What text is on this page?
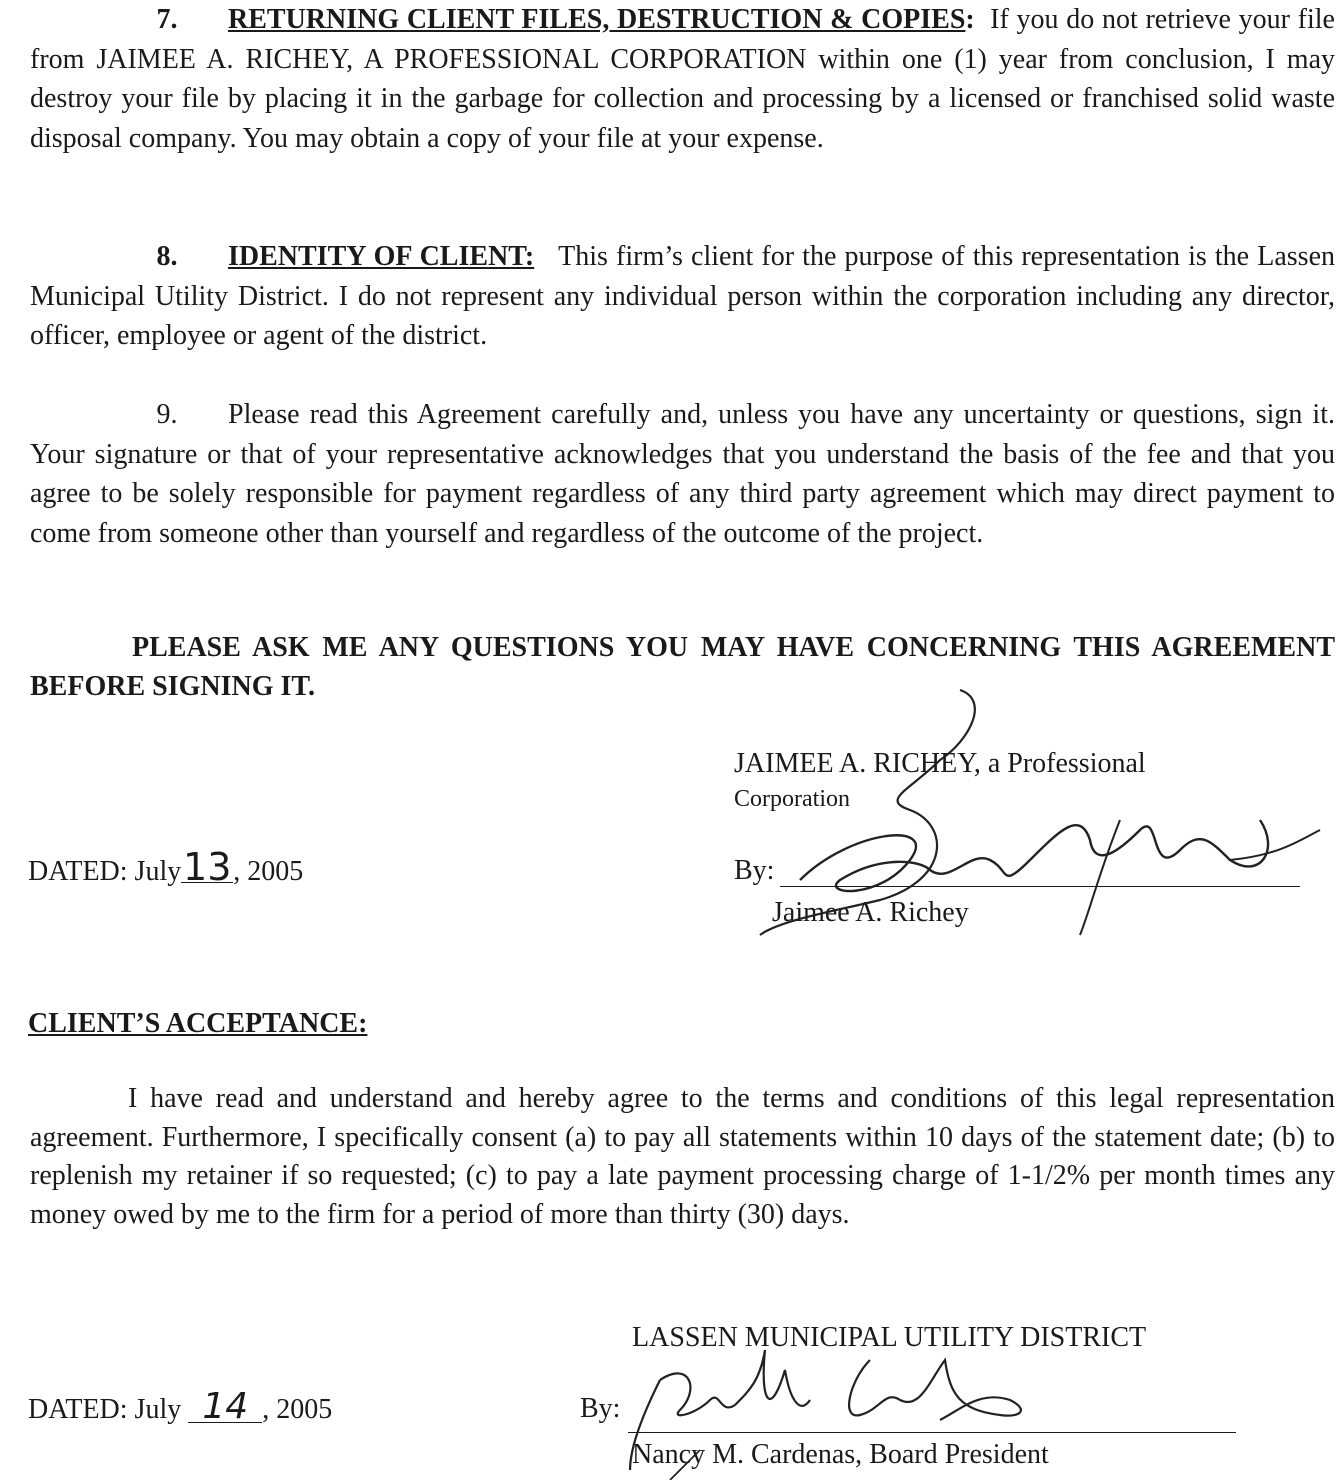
7. RETURNING CLIENT FILES, DESTRUCTION & COPIES: If you do not retrieve your file from JAIMEE A. RICHEY, A PROFESSIONAL CORPORATION within one (1) year from conclusion, I may destroy your file by placing it in the garbage for collection and processing by a licensed or franchised solid waste disposal company. You may obtain a copy of your file at your expense.
8. IDENTITY OF CLIENT: This firm’s client for the purpose of this representation is the Lassen Municipal Utility District. I do not represent any individual person within the corporation including any director, officer, employee or agent of the district.
9. Please read this Agreement carefully and, unless you have any uncertainty or questions, sign it. Your signature or that of your representative acknowledges that you understand the basis of the fee and that you agree to be solely responsible for payment regardless of any third party agreement which may direct payment to come from someone other than yourself and regardless of the outcome of the project.
PLEASE ASK ME ANY QUESTIONS YOU MAY HAVE CONCERNING THIS AGREEMENT BEFORE SIGNING IT.
JAIMEE A. RICHEY, a Professional
Corporation
By:
Jaimee A. Richey
DATED: July13, 2005
CLIENT’S ACCEPTANCE:
I have read and understand and hereby agree to the terms and conditions of this legal representation agreement. Furthermore, I specifically consent (a) to pay all statements within 10 days of the statement date; (b) to replenish my retainer if so requested; (c) to pay a late payment processing charge of 1-1/2% per month times any money owed by me to the firm for a period of more than thirty (30) days.
LASSEN MUNICIPAL UTILITY DISTRICT
By:
Nancy M. Cardenas, Board President
DATED: July 14 , 2005
